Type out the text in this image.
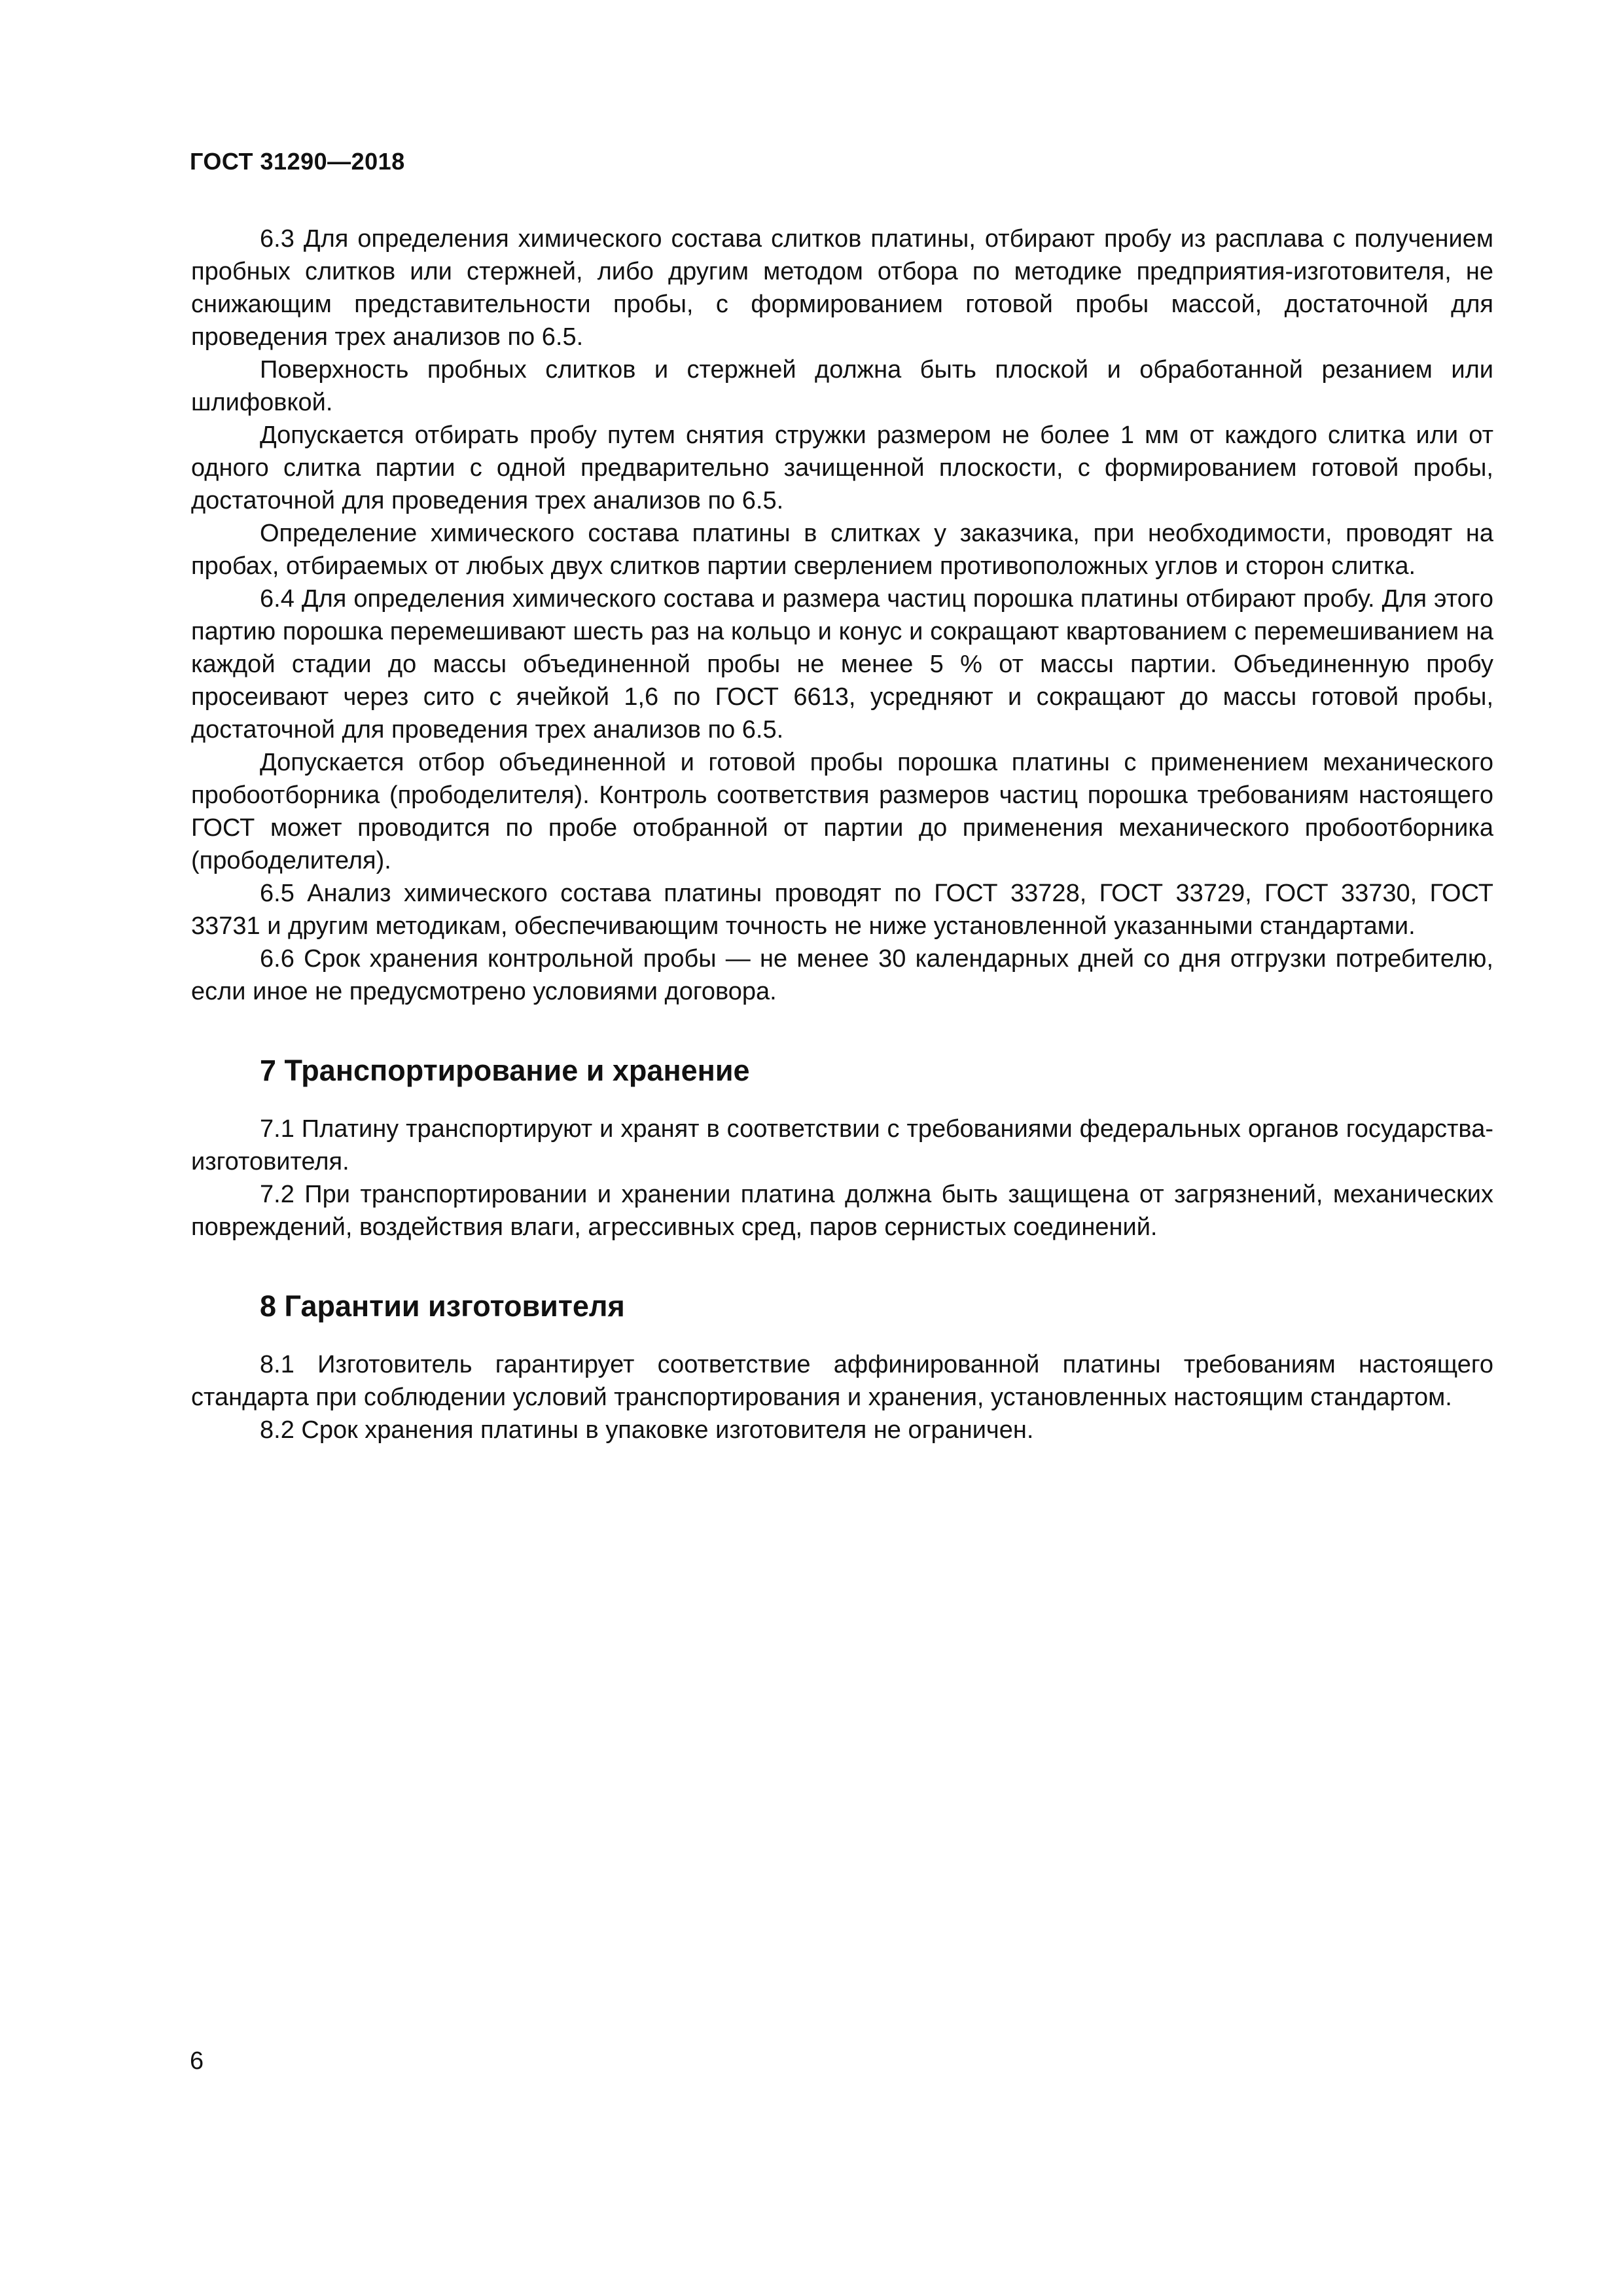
ГОСТ 31290—2018

6.3 Для определения химического состава слитков платины, отбирают пробу из расплава с получением пробных слитков или стержней, либо другим методом отбора по методике предприятия-изготовителя, не снижающим представительности пробы, с формированием готовой пробы массой, достаточной для проведения трех анализов по 6.5.

Поверхность пробных слитков и стержней должна быть плоской и обработанной резанием или шлифовкой.

Допускается отбирать пробу путем снятия стружки размером не более 1 мм от каждого слитка или от одного слитка партии с одной предварительно зачищенной плоскости, с формированием готовой пробы, достаточной для проведения трех анализов по 6.5.

Определение химического состава платины в слитках у заказчика, при необходимости, проводят на пробах, отбираемых от любых двух слитков партии сверлением противоположных углов и сторон слитка.

6.4 Для определения химического состава и размера частиц порошка платины отбирают пробу. Для этого партию порошка перемешивают шесть раз на кольцо и конус и сокращают квартованием с перемешиванием на каждой стадии до массы объединенной пробы не менее 5 % от массы партии. Объединенную пробу просеивают через сито с ячейкой 1,6 по ГОСТ 6613, усредняют и сокращают до массы готовой пробы, достаточной для проведения трех анализов по 6.5.

Допускается отбор объединенной и готовой пробы порошка платины с применением механического пробоотборника (прободелителя). Контроль соответствия размеров частиц порошка требованиям настоящего ГОСТ может проводится по пробе отобранной от партии до применения механического пробоотборника (прободелителя).

6.5 Анализ химического состава платины проводят по ГОСТ 33728, ГОСТ 33729, ГОСТ 33730, ГОСТ 33731 и другим методикам, обеспечивающим точность не ниже установленной указанными стандартами.

6.6 Срок хранения контрольной пробы — не менее 30 календарных дней со дня отгрузки потребителю, если иное не предусмотрено условиями договора.

7 Транспортирование и хранение

7.1 Платину транспортируют и хранят в соответствии с требованиями федеральных органов государства-изготовителя.

7.2 При транспортировании и хранении платина должна быть защищена от загрязнений, механических повреждений, воздействия влаги, агрессивных сред, паров сернистых соединений.

8 Гарантии изготовителя

8.1 Изготовитель гарантирует соответствие аффинированной платины требованиям настоящего стандарта при соблюдении условий транспортирования и хранения, установленных настоящим стандартом.

8.2 Срок хранения платины в упаковке изготовителя не ограничен.

6
